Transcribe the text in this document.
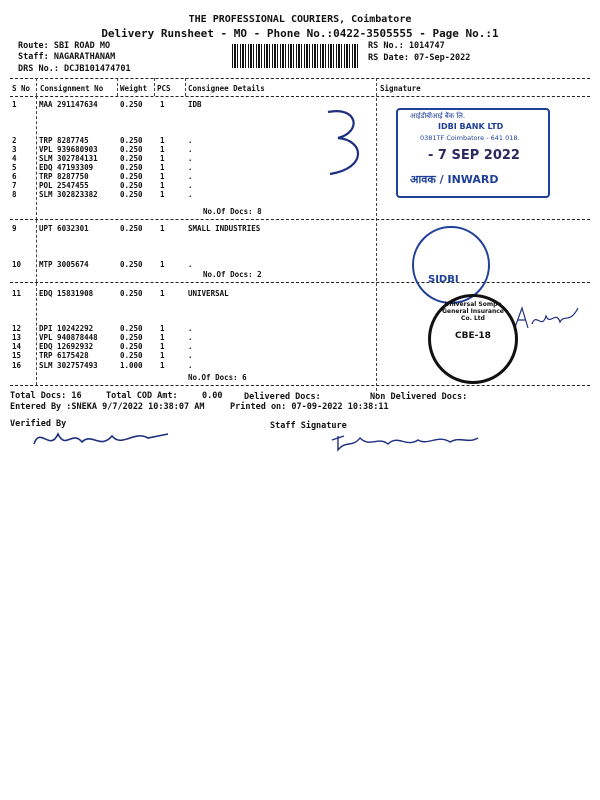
THE PROFESSIONAL COURIERS, Coimbatore
Delivery Runsheet - MO - Phone No.:0422-3505555 - Page No.:1
Route: SBI ROAD MO
Staff: NAGARATHANAM
DRS No.: DCJB101474701
RS No.: 1014747
RS Date: 07-Sep-2022
S No Consignment No Weight PCS Consignee Details	Signature
1	MAA 291147634	0.250 1	IDB
2	TRP 8287745	0.250 1	.
3	VPL 939680903	0.250 1	.
4	SLM 302784131	0.250 1	.
5	EDQ 47193309	0.250 1	.
6	TRP 8287750	0.250 1	.
7	POL 2547455	0.250 1	.
8	SLM 302823382	0.250 1	.
No.Of Docs: 8
9	UPT 6032301	0.250 1	SMALL INDUSTRIES
10 MTP 3005674	0.250 1	.
No.Of Docs: 2
11 EDQ 15831908	0.250 1	UNIVERSAL
12 DPI 10242292	0.250 1	.
13 VPL 940878448	0.250 1	.
14 EDQ 12692932	0.250 1	.
15 TRP 6175428	0.250 1	.
16 SLM 302757493	1.000 1	.
No.Of Docs: 6
Total Docs: 16	Total COD Amt:	0.00	Delivered Docs:	Non Delivered Docs:
Entered By :SNEKA 9/7/2022 10:38:07 AM	Printed on: 07-09-2022 10:38:11
Verified By	Staff Signature
आईडीबीआई बैंक लि.
IDBI BANK LTD
0381TF Coimbatore - 641 018.
- 7 SEP 2022
आवक / INWARD
SIDBI
Universal Sompo General Insurance Co. Ltd
CBE-18
